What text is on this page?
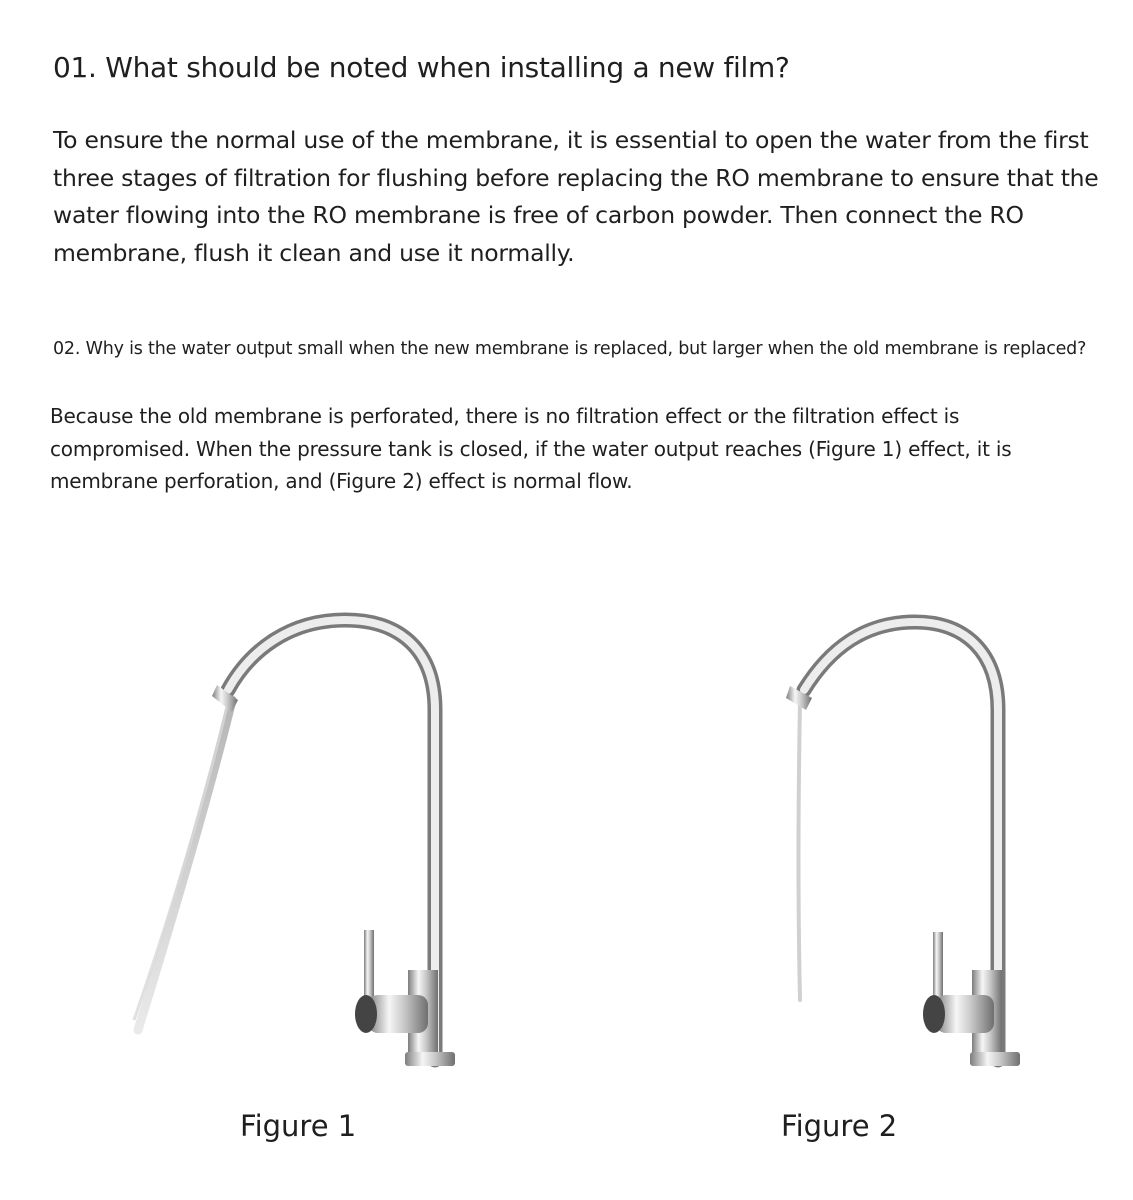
01. What should be noted when installing a new film?
To ensure the normal use of the membrane, it is essential to open the water from the first three stages of filtration for flushing before replacing the RO membrane to ensure that the water flowing into the RO membrane is free of carbon powder. Then connect the RO membrane, flush it clean and use it normally.
02. Why is the water output small when the new membrane is replaced, but larger when the old membrane is replaced?
Because the old membrane is perforated, there is no filtration effect or the filtration effect is compromised. When the pressure tank is closed, if the water output reaches (Figure 1) effect, it is membrane perforation, and (Figure 2) effect is normal flow.
Figure 1	Figure 2
